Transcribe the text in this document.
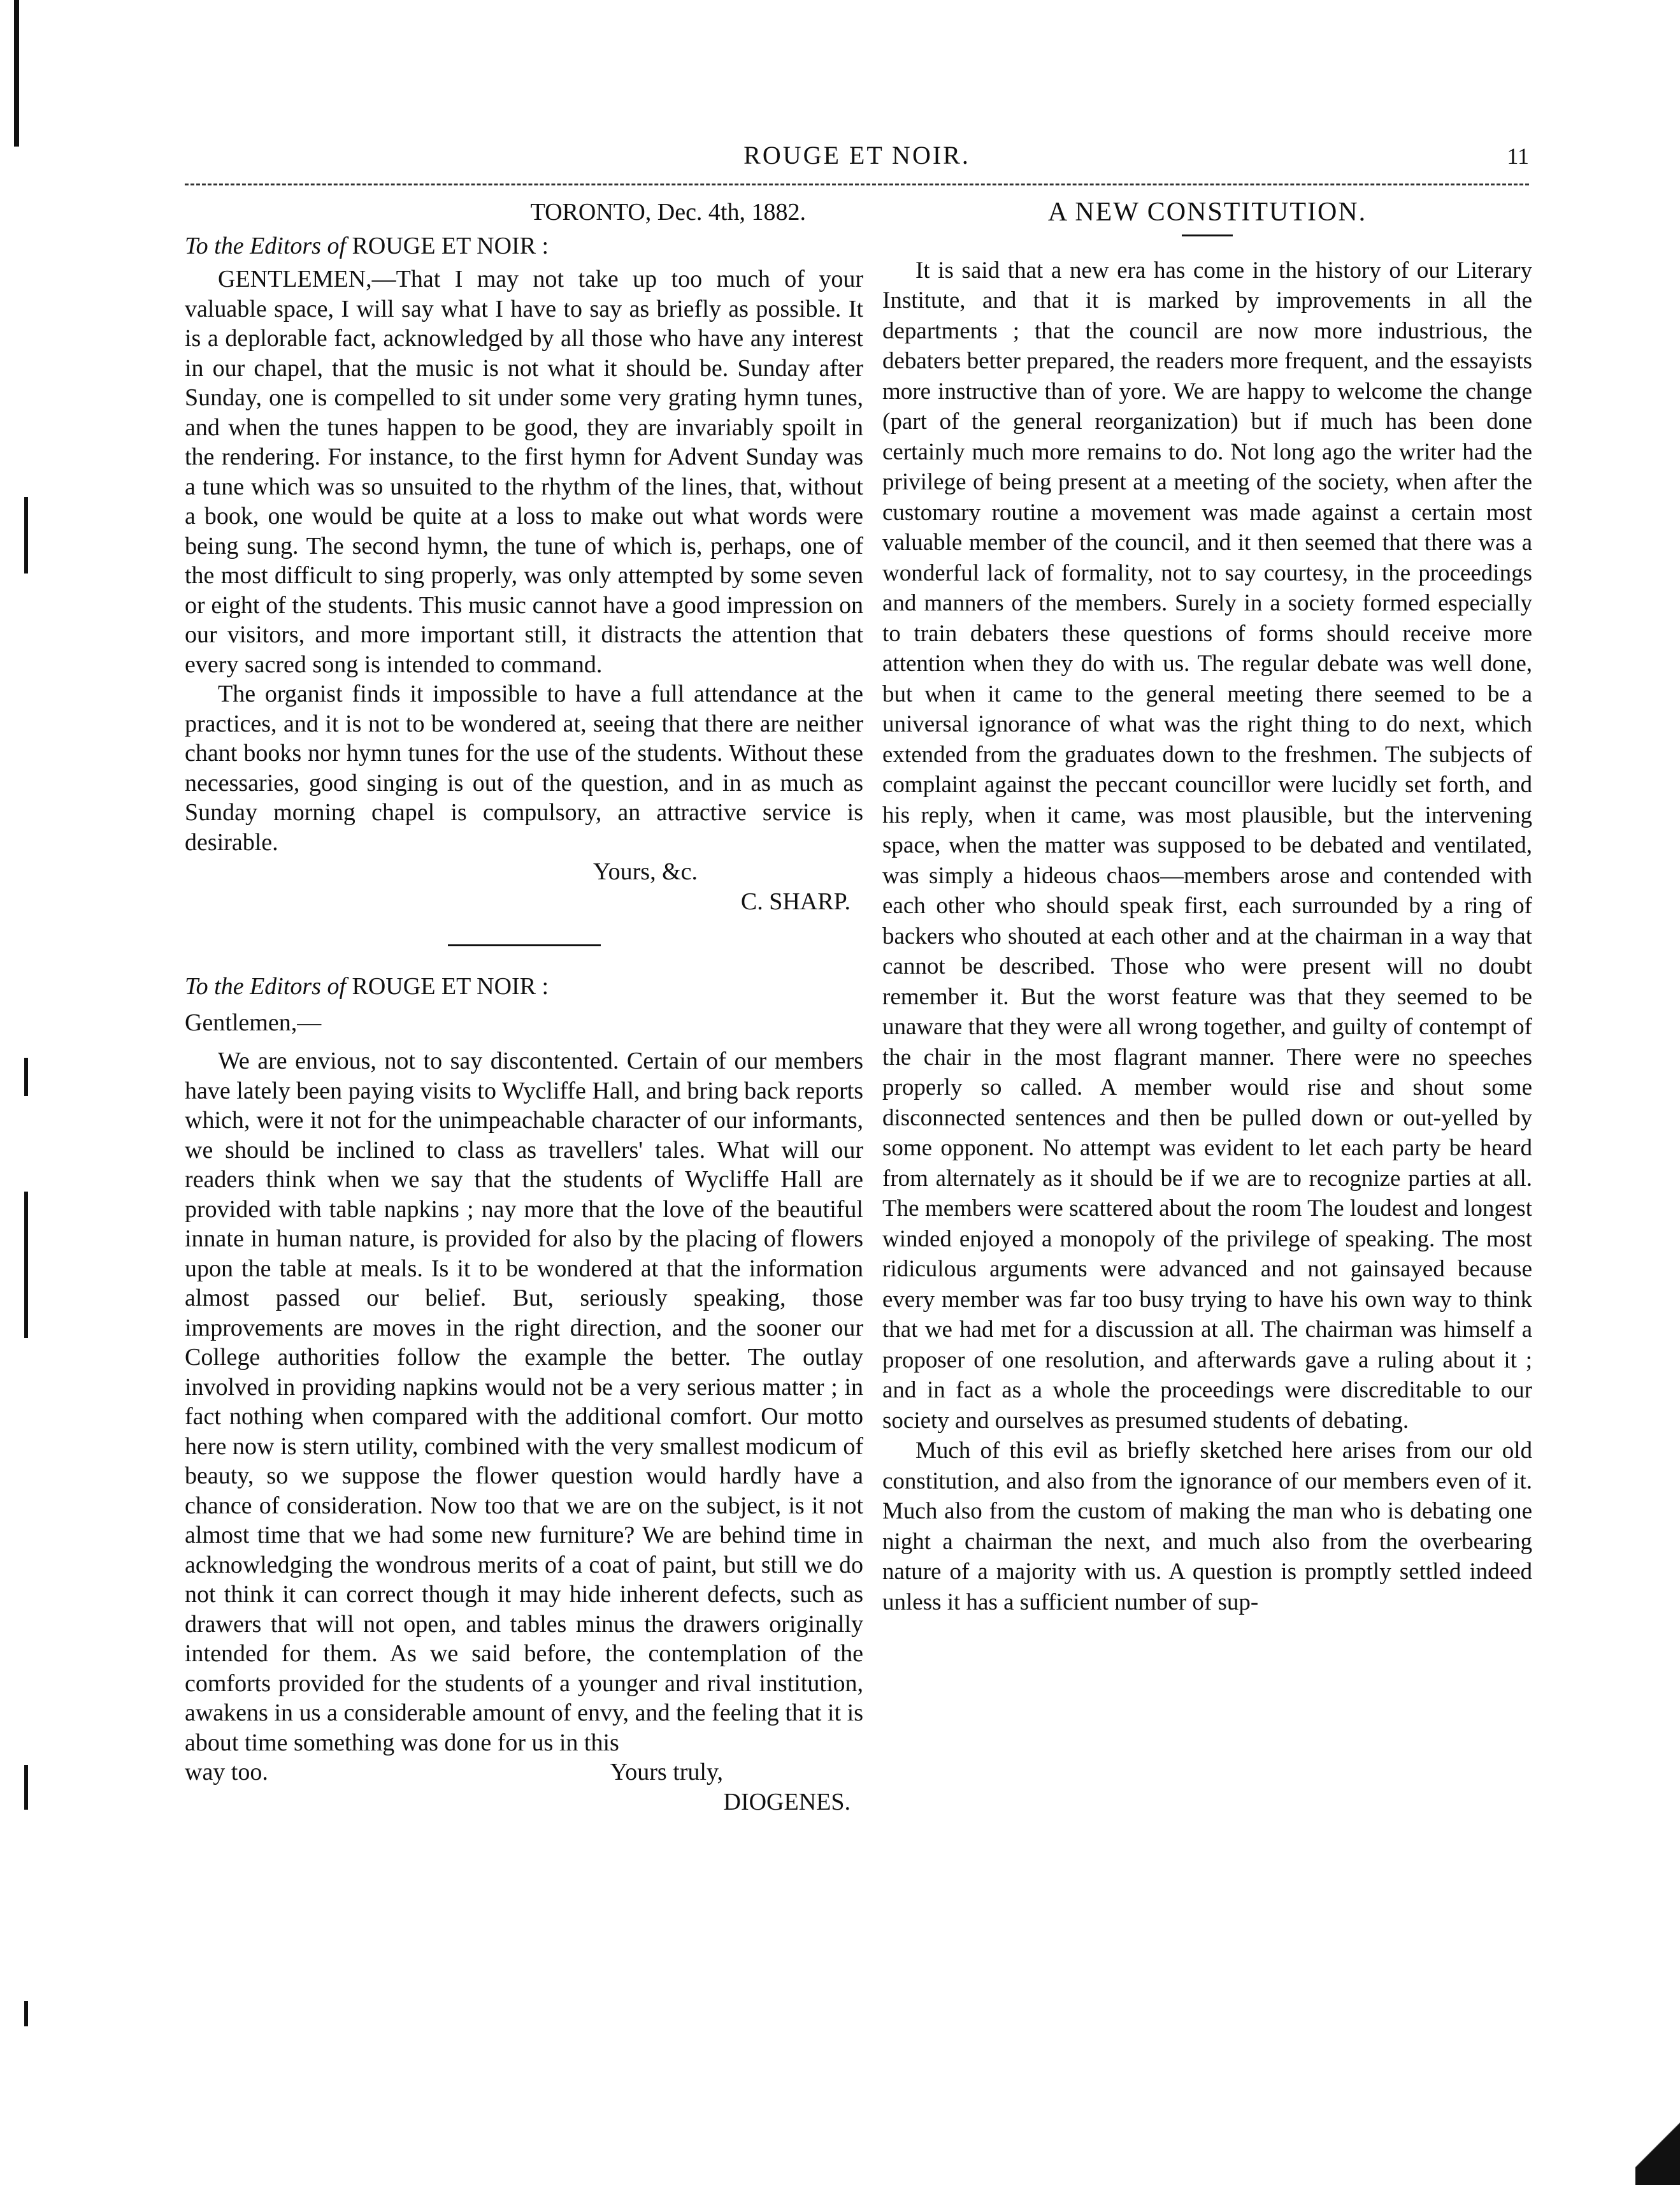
ROUGE ET NOIR.	11

TORONTO, Dec. 4th, 1882.

To the Editors of ROUGE ET NOIR :

GENTLEMEN,—That I may not take up too much of your valuable space, I will say what I have to say as briefly as possible. It is a deplorable fact, acknowledged by all those who have any interest in our chapel, that the music is not what it should be. Sunday after Sunday, one is compelled to sit under some very grating hymn tunes, and when the tunes happen to be good, they are invariably spoilt in the rendering. For instance, to the first hymn for Advent Sunday was a tune which was so unsuited to the rhythm of the lines, that, without a book, one would be quite at a loss to make out what words were being sung. The second hymn, the tune of which is, perhaps, one of the most difficult to sing properly, was only attempted by some seven or eight of the students. This music cannot have a good impression on our visitors, and more important still, it distracts the attention that every sacred song is intended to command.

The organist finds it impossible to have a full attendance at the practices, and it is not to be wondered at, seeing that there are neither chant books nor hymn tunes for the use of the students. Without these necessaries, good singing is out of the question, and in as much as Sunday morning chapel is compulsory, an attractive service is desirable.

Yours, &c.

C. SHARP.

To the Editors of ROUGE ET NOIR :

Gentlemen,—

We are envious, not to say discontented. Certain of our members have lately been paying visits to Wycliffe Hall, and bring back reports which, were it not for the unimpeachable character of our informants, we should be inclined to class as travellers' tales. What will our readers think when we say that the students of Wycliffe Hall are provided with table napkins ; nay more that the love of the beautiful innate in human nature, is provided for also by the placing of flowers upon the table at meals. Is it to be wondered at that the information almost passed our belief. But, seriously speaking, those improvements are moves in the right direction, and the sooner our College authorities follow the example the better. The outlay involved in providing napkins would not be a very serious matter ; in fact nothing when compared with the additional comfort. Our motto here now is stern utility, combined with the very smallest modicum of beauty, so we suppose the flower question would hardly have a chance of consideration. Now too that we are on the subject, is it not almost time that we had some new furniture? We are behind time in acknowledging the wondrous merits of a coat of paint, but still we do not think it can correct though it may hide inherent defects, such as drawers that will not open, and tables minus the drawers originally intended for them. As we said before, the contemplation of the comforts provided for the students of a younger and rival institution, awakens in us a considerable amount of envy, and the feeling that it is about time something was done for us in this

way too.	Yours truly,

DIOGENES.

A NEW CONSTITUTION.

It is said that a new era has come in the history of our Literary Institute, and that it is marked by improvements in all the departments ; that the council are now more industrious, the debaters better prepared, the readers more frequent, and the essayists more instructive than of yore. We are happy to welcome the change (part of the general reorganization) but if much has been done certainly much more remains to do. Not long ago the writer had the privilege of being present at a meeting of the society, when after the customary routine a movement was made against a certain most valuable member of the council, and it then seemed that there was a wonderful lack of formality, not to say courtesy, in the proceedings and manners of the members. Surely in a society formed especially to train debaters these questions of forms should receive more attention when they do with us. The regular debate was well done, but when it came to the general meeting there seemed to be a universal ignorance of what was the right thing to do next, which extended from the graduates down to the freshmen. The subjects of complaint against the peccant councillor were lucidly set forth, and his reply, when it came, was most plausible, but the intervening space, when the matter was supposed to be debated and ventilated, was simply a hideous chaos—members arose and contended with each other who should speak first, each surrounded by a ring of backers who shouted at each other and at the chairman in a way that cannot be described. Those who were present will no doubt remember it. But the worst feature was that they seemed to be unaware that they were all wrong together, and guilty of contempt of the chair in the most flagrant manner. There were no speeches properly so called. A member would rise and shout some disconnected sentences and then be pulled down or out-yelled by some opponent. No attempt was evident to let each party be heard from alternately as it should be if we are to recognize parties at all. The members were scattered about the room The loudest and longest winded enjoyed a monopoly of the privilege of speaking. The most ridiculous arguments were advanced and not gainsayed because every member was far too busy trying to have his own way to think that we had met for a discussion at all. The chairman was himself a proposer of one resolution, and afterwards gave a ruling about it ; and in fact as a whole the proceedings were discreditable to our society and ourselves as presumed students of debating.

Much of this evil as briefly sketched here arises from our old constitution, and also from the ignorance of our members even of it. Much also from the custom of making the man who is debating one night a chairman the next, and much also from the overbearing nature of a majority with us. A question is promptly settled indeed unless it has a sufficient number of sup-
